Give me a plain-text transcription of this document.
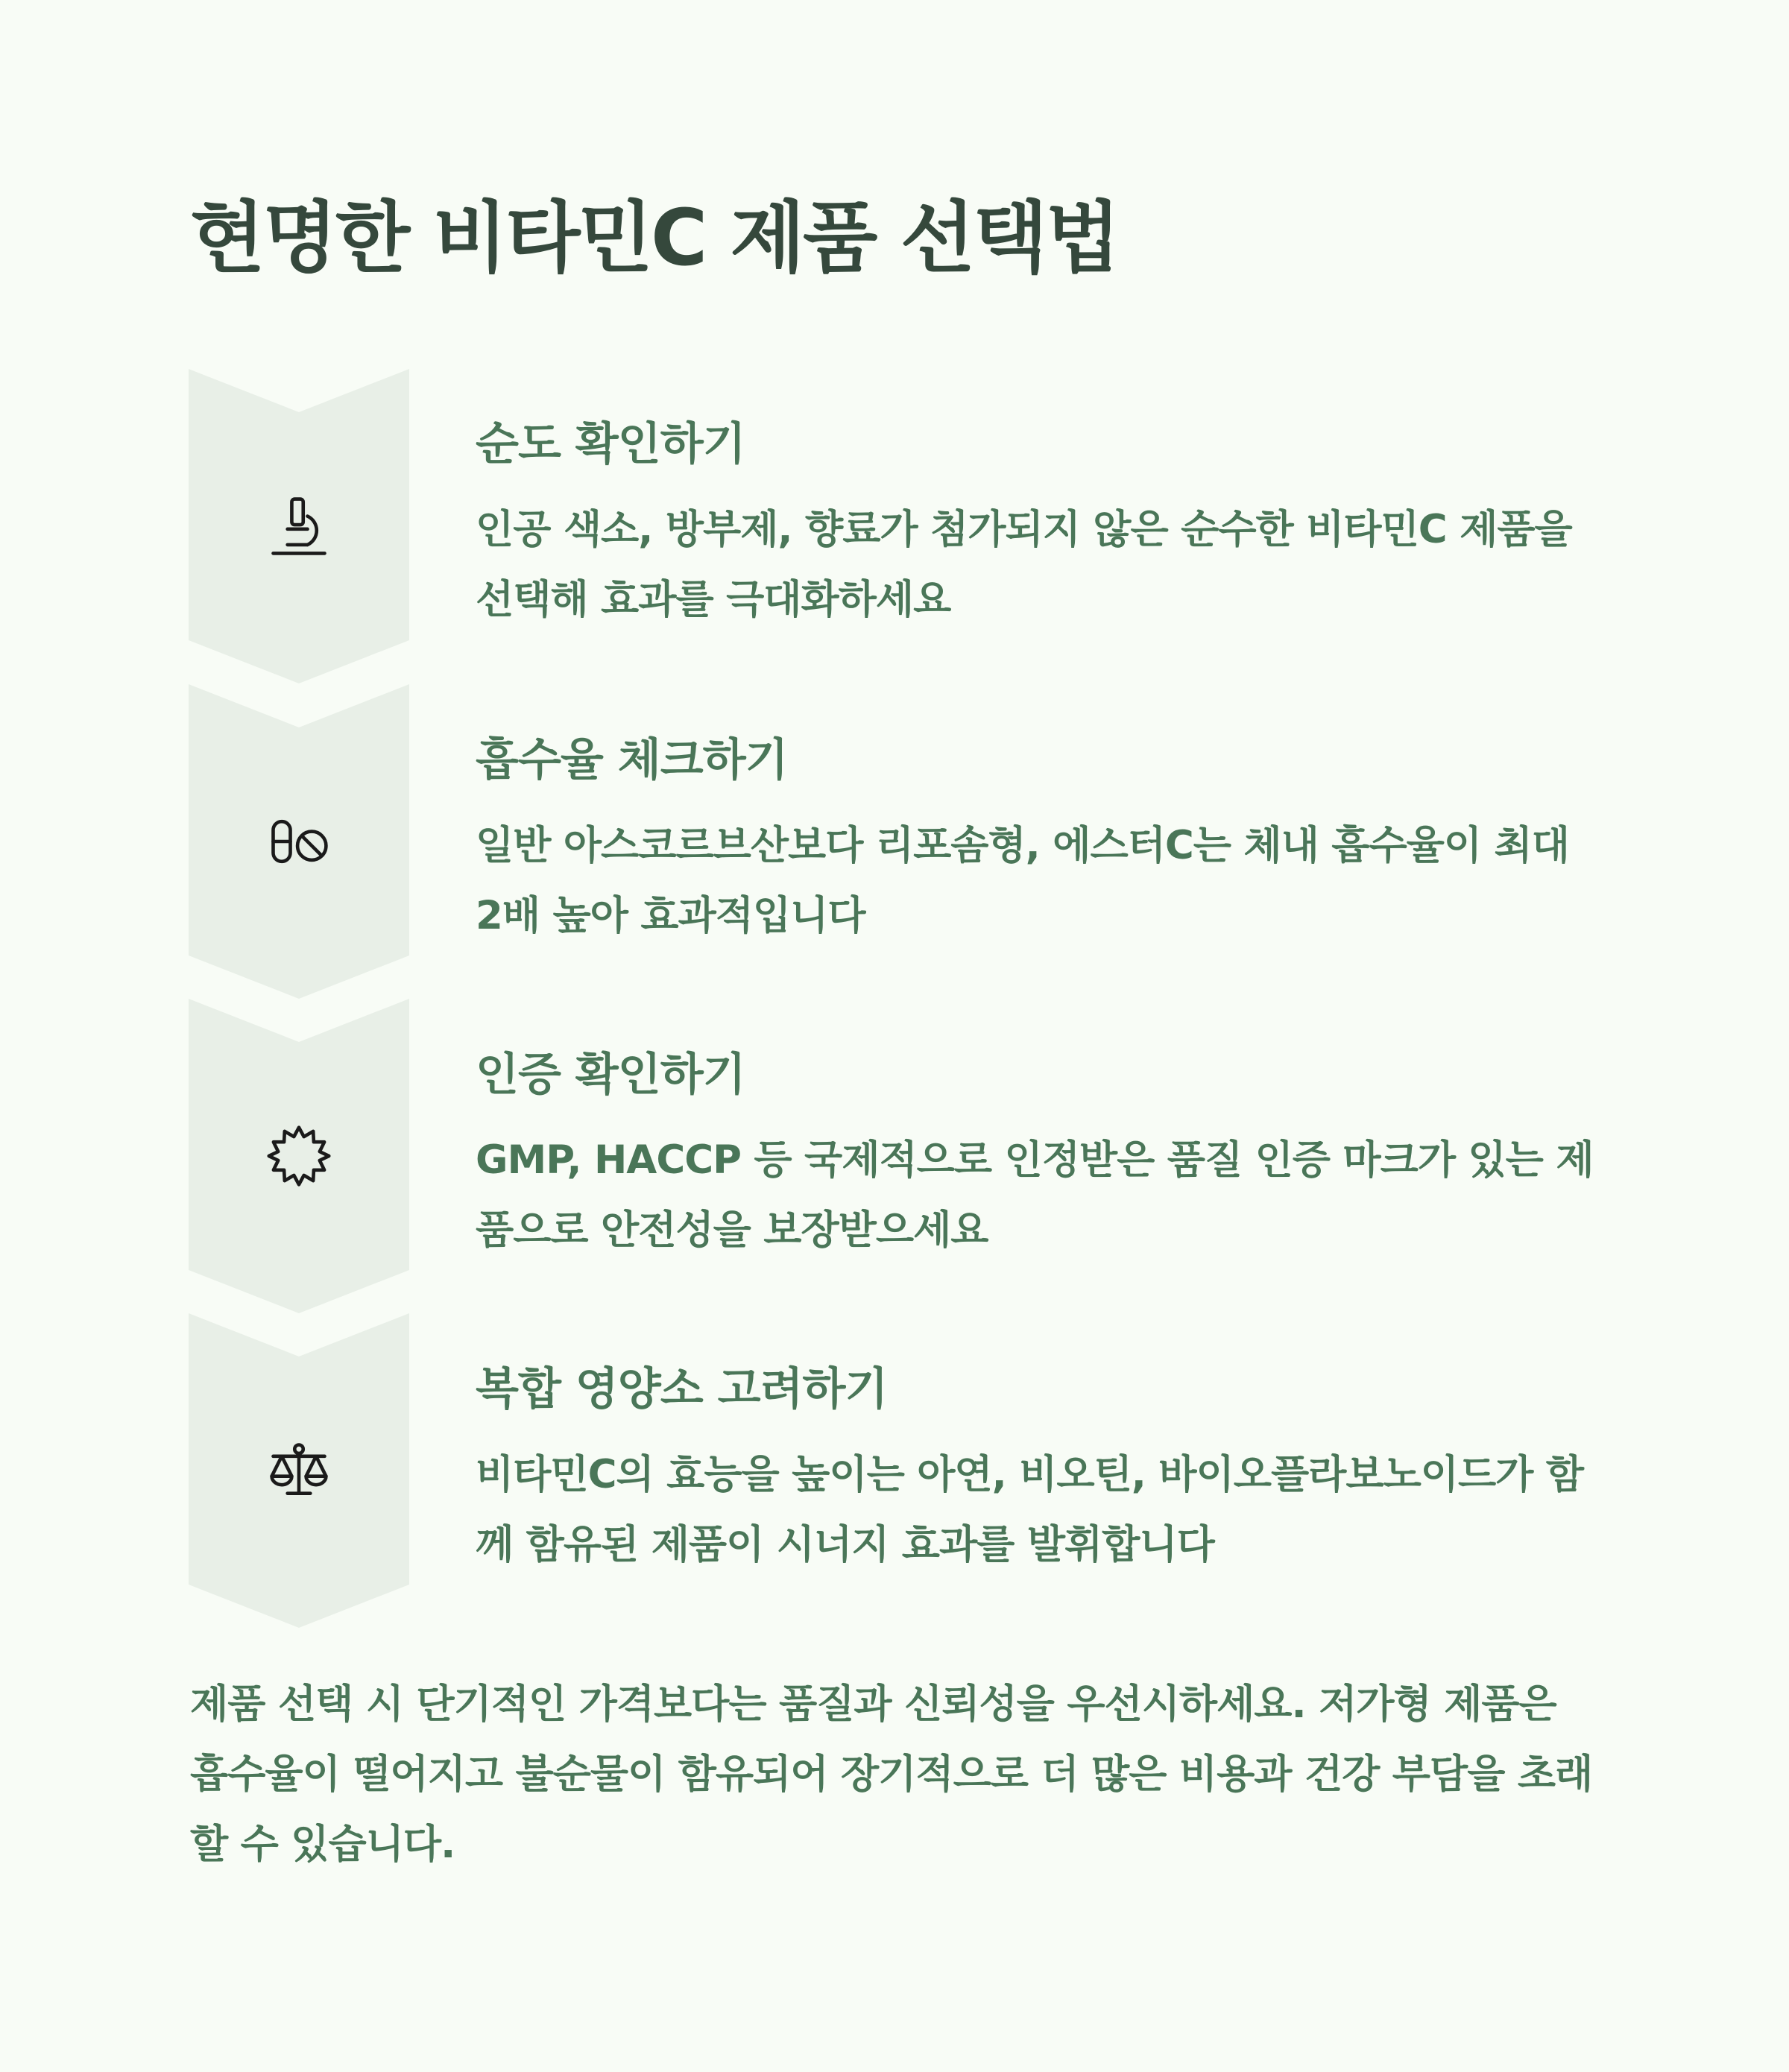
현명한 비타민C 제품 선택법
순도 확인하기

인공 색소, 방부제, 향료가 첨가되지 않은 순수한 비타민C 제품을 선택해 효과를 극대화하세요

흡수율 체크하기

일반 아스코르브산보다 리포솜형, 에스터C는 체내 흡수율이 최대 2배 높아 효과적입니다

인증 확인하기

GMP, HACCP 등 국제적으로 인정받은 품질 인증 마크가 있는 제품으로 안전성을 보장받으세요

복합 영양소 고려하기

비타민C의 효능을 높이는 아연, 비오틴, 바이오플라보노이드가 함께 함유된 제품이 시너지 효과를 발휘합니다

제품 선택 시 단기적인 가격보다는 품질과 신뢰성을 우선시하세요. 저가형 제품은 흡수율이 떨어지고 불순물이 함유되어 장기적으로 더 많은 비용과 건강 부담을 초래할 수 있습니다.
